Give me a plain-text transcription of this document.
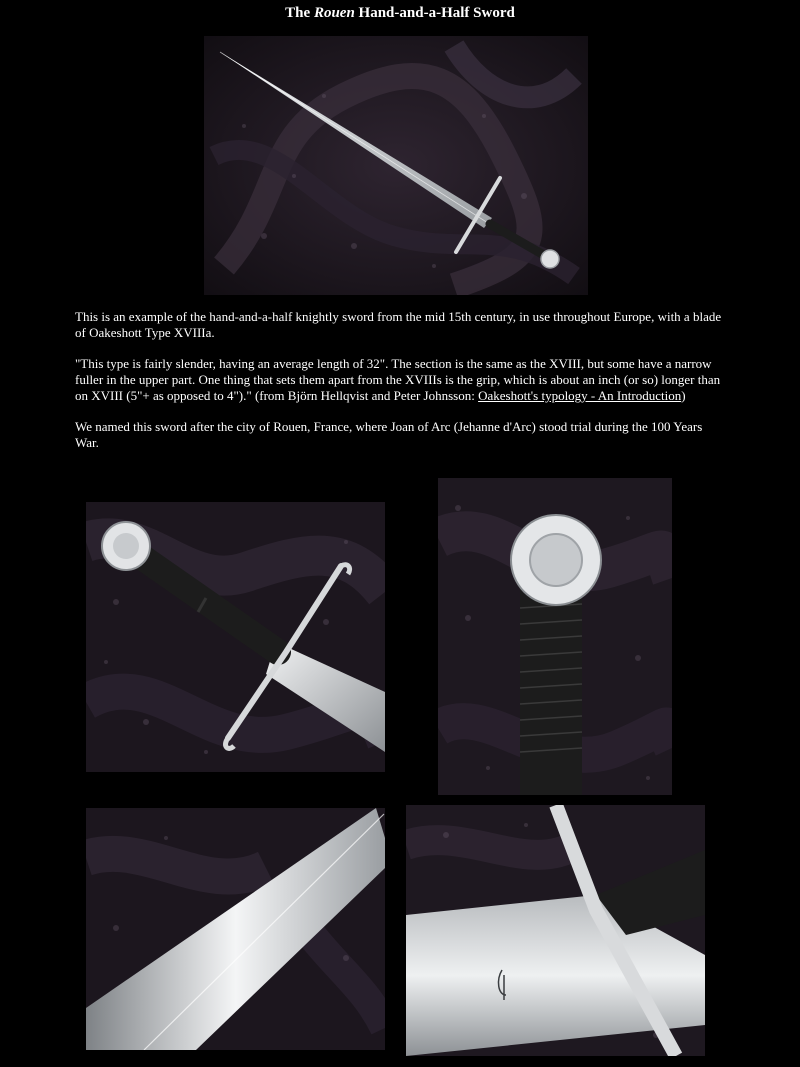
The Rouen Hand-and-a-Half Sword

This is an example of the hand-and-a-half knightly sword from the mid 15th century, in use throughout Europe, with a blade of Oakeshott Type XVIIIa.

"This type is fairly slender, having an average length of 32". The section is the same as the XVIII, but some have a narrow fuller in the upper part. One thing that sets them apart from the XVIIIs is the grip, which is about an inch (or so) longer than on XVIII (5"+ as opposed to 4")." (from Björn Hellqvist and Peter Johnsson: Oakeshott's typology - An Introduction)

We named this sword after the city of Rouen, France, where Joan of Arc (Jehanne d'Arc) stood trial during the 100 Years War.
